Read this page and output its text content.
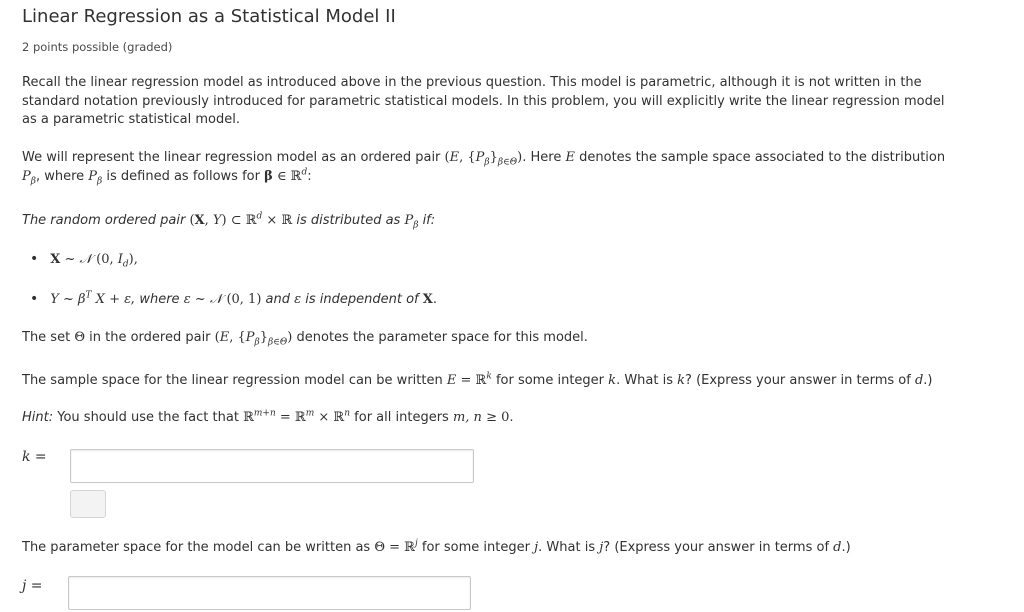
Linear Regression as a Statistical Model II
2 points possible (graded)
Recall the linear regression model as introduced above in the previous question. This model is parametric, although it is not written in the standard notation previously introduced for parametric statistical models. In this problem, you will explicitly write the linear regression model as a parametric statistical model.
We will represent the linear regression model as an ordered pair (E, $\{P_\beta\}_{\beta\in\Theta}$). Here E denotes the sample space associated to the distribution
$P_\beta$, where $P_\beta$ is defined as follows for β ∈ ℝ$^d$:
The random ordered pair (X, Y) ⊂ ℝ$^d$ × ℝ is distributed as $P_\beta$ if:
• X ~ 𝒩 (0, $I_d$),
• Y ~ $\beta^T$ X + ε, where ε ~ 𝒩 (0, 1) and ε is independent of X.
The set Θ in the ordered pair (E, $\{P_\beta\}_{\beta\in\Theta}$) denotes the parameter space for this model.
The sample space for the linear regression model can be written E = ℝ$^k$ for some integer k. What is k? (Express your answer in terms of d.)
Hint: You should use the fact that ℝ$^{m+n}$ = ℝ$^m$ × ℝ$^n$ for all integers m, n ≥ 0.
k =
The parameter space for the model can be written as Θ = ℝ$^j$ for some integer j. What is j? (Express your answer in terms of d.)
j =
